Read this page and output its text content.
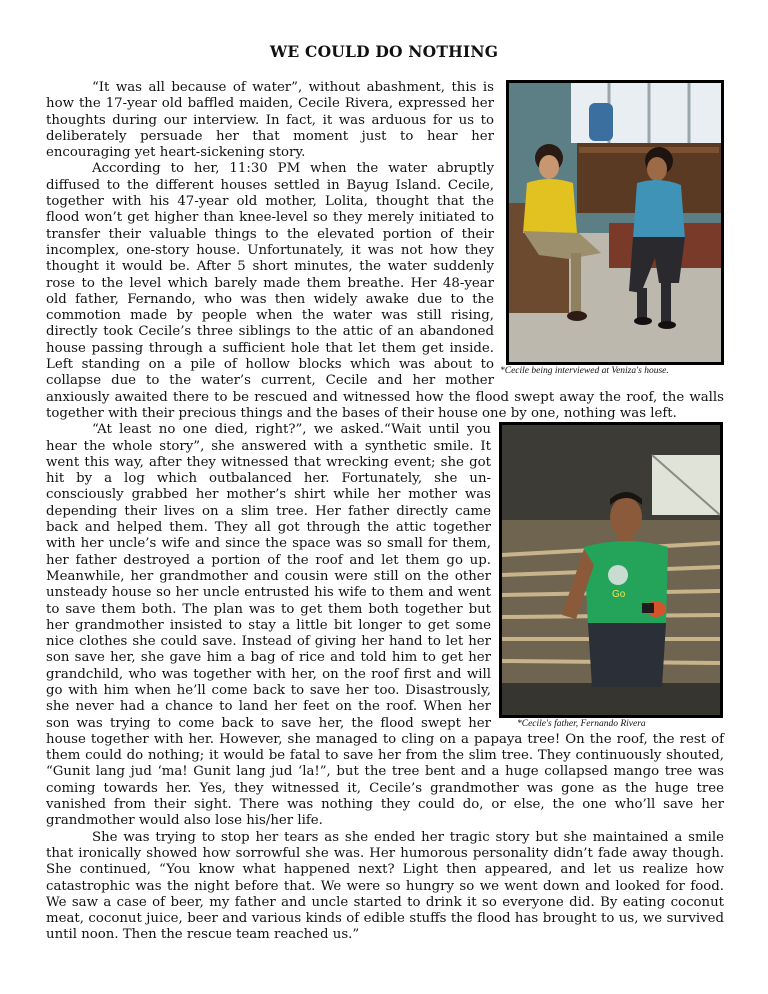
WE COULD DO NOTHING
*Cecile being interviewed at Veniza's house.

“It was all because of water”, without abashment, this is how the 17-year old baffled maiden, Cecile Rivera, expressed her thoughts during our interview. In fact, it was arduous for us to deliberately persuade her that moment just to hear her encouraging yet heart-sickening story.

According to her, 11:30 PM when the water abruptly diffused to the different houses settled in Bayug Island. Cecile, together with his 47-year old mother, Lolita, thought that the flood won’t get higher than knee-level so they merely initiated to transfer their valuable things to the elevated portion of their incomplex, one-story house. Unfortunately, it was not how they thought it would be. After 5 short minutes, the water suddenly rose to the level which barely made them breathe. Her 48-year old father, Fernando, who was then widely awake due to the commotion made by people when the water was still rising, directly took Cecile’s three siblings to the attic of an abandoned house passing through a sufficient hole that let them get inside. Left standing on a pile of hollow blocks which was about to collapse due to the water’s current, Cecile and her mother anxiously awaited there to be rescued and witnessed how the flood swept away the roof, the walls together with their precious things and the bases of their house one by one, nothing was left.

Go
*Cecile's father, Fernando Rivera

“At least no one died, right?”, we asked.“Wait until you hear the whole story”, she answered with a synthetic smile. It went this way, after they witnessed that wrecking event; she got hit by a log which outbalanced her. Fortunately, she un-consciously grabbed her mother’s shirt while her mother was depending their lives on a slim tree. Her father directly came back and helped them. They all got through the attic together with her uncle’s wife and since the space was so small for them, her father destroyed a portion of the roof and let them go up. Meanwhile, her grandmother and cousin were still on the other unsteady house so her uncle entrusted his wife to them and went to save them both. The plan was to get them both together but her grandmother insisted to stay a little bit longer to get some nice clothes she could save. Instead of giving her hand to let her son save her, she gave him a bag of rice and told him to get her grandchild, who was together with her, on the roof first and will go with him when he’ll come back to save her too. Disastrously, she never had a chance to land her feet on the roof. When her son was trying to come back to save her, the flood swept her house together with her. However, she managed to cling on a papaya tree! On the roof, the rest of them could do nothing; it would be fatal to save her from the slim tree. They continuously shouted, “Gunit lang jud ‘ma! Gunit lang jud ‘la!”, but the tree bent and a huge collapsed mango tree was coming towards her. Yes, they witnessed it, Cecile’s grandmother was gone as the huge tree vanished from their sight. There was nothing they could do, or else, the one who’ll save her grandmother would also lose his/her life.

She was trying to stop her tears as she ended her tragic story but she maintained a smile that ironically showed how sorrowful she was. Her humorous personality didn’t fade away though. She continued, “You know what happened next? Light then appeared, and let us realize how catastrophic was the night before that. We were so hungry so we went down and looked for food. We saw a case of beer, my father and uncle started to drink it so everyone did. By eating coconut meat, coconut juice, beer and various kinds of edible stuffs the flood has brought to us, we survived until noon. Then the rescue team reached us.”
